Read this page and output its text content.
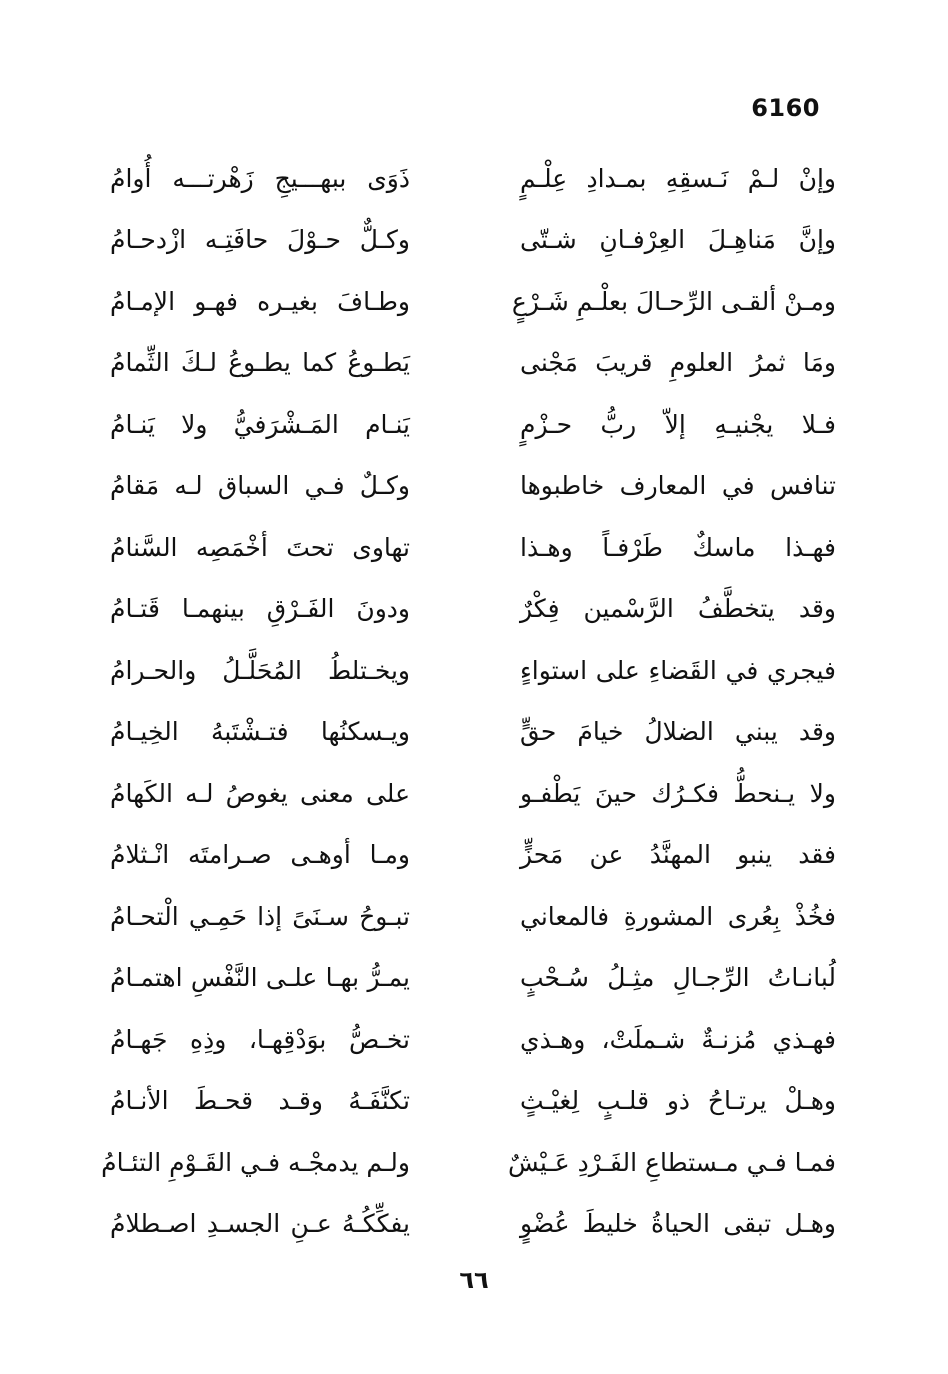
6160
وإنْ لـمْ نَـسقِهِ بمـدادِ عِلْـمٍ
ذَوَى ببهـــيجِ زَهْرتـــه أُوامُ
وإنَّ مَناهِـلَ العِرْفـانِ شـتّى
وكـلٌّ حـوْلَ حافَتِـه ازْدحـامُ
ومـنْ ألقـى الرِّحـالَ بعلْـمِ شَـرْعٍ
وطـافَ بغيـره فهـو الإمـامُ
ومَا ثمرُ العلومِ قريبَ مَجْنى
يَطـوعُ كما يطـوعُ لـكَ الثِّمامُ
فـلا يجْنيـهِ إلاّ ربُّ حـزْمٍ
يَنـام المَـشْرَفيُّ ولا يَنـامُ
تنافس في المعارف خاطبوها
وكـلٌ فـي السباق لـه مَقامُ
فهـذا ماسكٌ طَرْفـاً وهـذا
تهاوى تحتَ أخْمَصِه السَّنامُ
وقد يتخطَّفُ الرَّسْمين فِكْرٌ
ودونَ الفَـرْقِ بينهمـا قَتـامُ
فيجري في القَضاءِ على استواءٍ
ويخـتلطُ المُحَلَّـلُ والحـرامُ
وقد يبني الضلالُ خيامَ حقٍّ
ويـسكنُها فتـشْتَبهُ الخِيـامُ
ولا يـنحطُّ فكـرُك حينَ يَطْفـو
على معنى يغوصُ لـه الكَهامُ
فقد ينبو المهنَّدُ عن مَحزٍّ
ومـا أوهـى صـرامتَه انْـثلامُ
فخُذْ بِعُرى المشورةِ فالمعاني
تبـوحُ سـنَىً إذا حَمِـي الْتحـامُ
لُبانـاتُ الرِّجـالِ مثِـلُ سُـحْبٍ
يمـرُّ بهـا علـى النَّفْسِ اهتمـامُ
فهـذي مُزنـةٌ شـملَتْ، وهـذي
تخـصُّ بوَدْقِهـا، وذِهِ جَهـامُ
وهـلْ يرتـاحُ ذو قلـبٍ لِغيْـثٍ
تكنَّفَـهُ وقـد قحـطَ الأنـامُ
فمـا فـي مـستطاعِ الفَـرْدِ عَـيْشٌ
ولـم يدمجْـه فـي القَـوْمِ التئـامُ
وهـل تبقى الحياةُ خليطَ عُضْوٍ
يفكِّكُـهُ عـنِ الجسـدِ اصـطلامُ
٦٦
